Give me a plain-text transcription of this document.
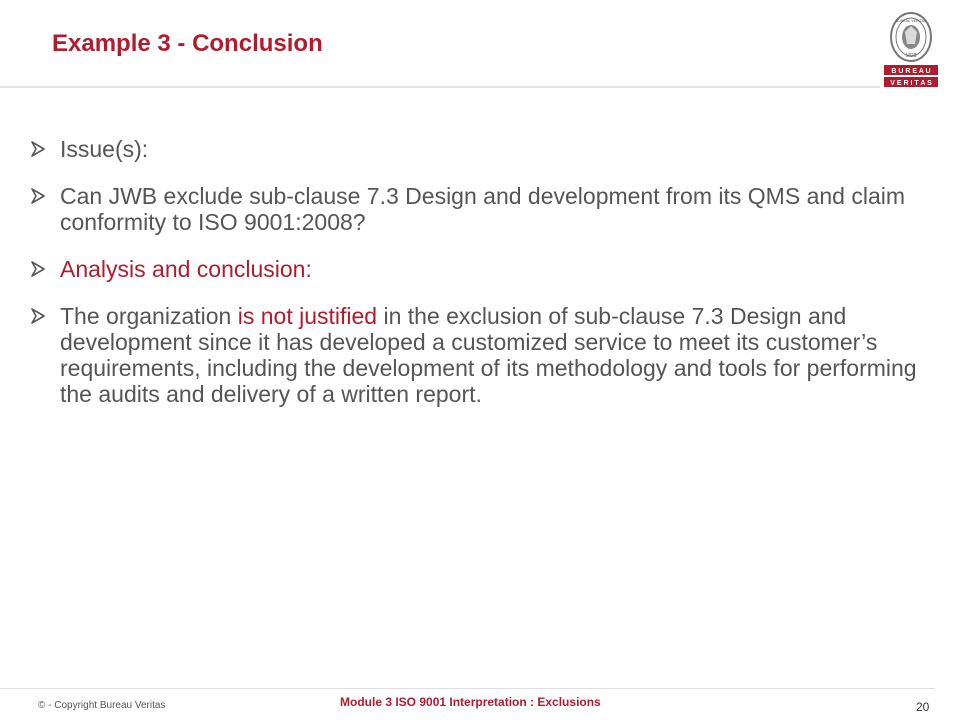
Example 3 - Conclusion	1828
BUREAU VERITAS
B U R E A U
V E R I T A S
Issue(s):
Can JWB exclude sub-clause 7.3 Design and development from its QMS and claim conformity to ISO 9001:2008?
Analysis and conclusion:
The organization is not justified in the exclusion of sub-clause 7.3 Design and development since it has developed a customized service to meet its customer’s requirements, including the development of its methodology and tools for performing the audits and delivery of a written report.
© - Copyright Bureau Veritas	Module 3 ISO 9001 Interpretation : Exclusions	20
